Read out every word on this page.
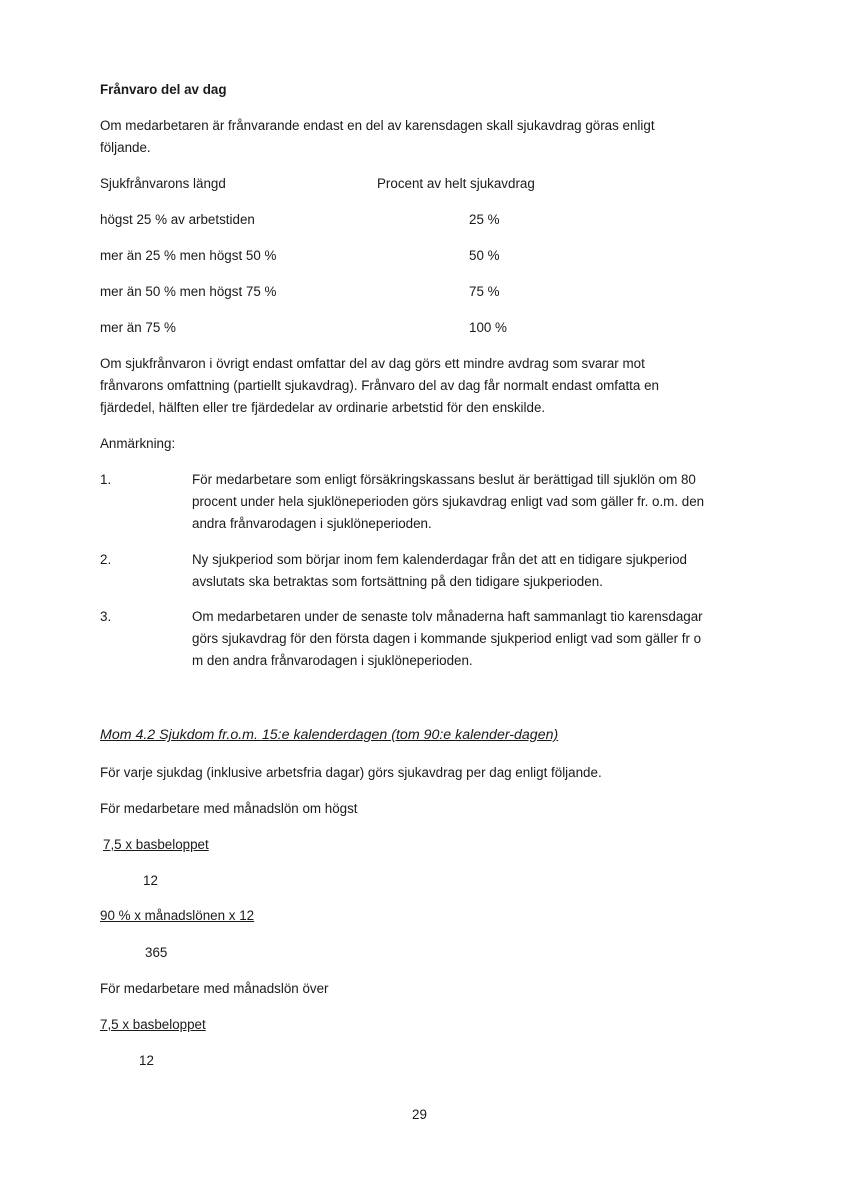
Frånvaro del av dag
Om medarbetaren är frånvarande endast en del av karensdagen skall sjukavdrag göras enligt
följande.
Sjukfrånvarons längd	Procent av helt sjukavdrag
högst 25 % av arbetstiden	25 %
mer än 25 % men högst 50 %	50 %
mer än 50 % men högst 75 %	75 %
mer än 75 %	100 %
Om sjukfrånvaron i övrigt endast omfattar del av dag görs ett mindre avdrag som svarar mot
frånvarons omfattning (partiellt sjukavdrag). Frånvaro del av dag får normalt endast omfatta en
fjärdedel, hälften eller tre fjärdedelar av ordinarie arbetstid för den enskilde.
Anmärkning:
1.	För medarbetare som enligt försäkringskassans beslut är berättigad till sjuklön om 80
procent under hela sjuklöneperioden görs sjukavdrag enligt vad som gäller fr. o.m. den
andra frånvarodagen i sjuklöneperioden.
2.	Ny sjukperiod som börjar inom fem kalenderdagar från det att en tidigare sjukperiod
avslutats ska betraktas som fortsättning på den tidigare sjukperioden.
3.	Om medarbetaren under de senaste tolv månaderna haft sammanlagt tio karensdagar
görs sjukavdrag för den första dagen i kommande sjukperiod enligt vad som gäller fr o
m den andra frånvarodagen i sjuklöneperioden.
Mom 4.2 Sjukdom fr.o.m. 15:e kalenderdagen (tom 90:e kalender-dagen)
För varje sjukdag (inklusive arbetsfria dagar) görs sjukavdrag per dag enligt följande.
För medarbetare med månadslön om högst
7,5 x basbeloppet
12
90 % x månadslönen x 12
365
För medarbetare med månadslön över
7,5 x basbeloppet
12
29
